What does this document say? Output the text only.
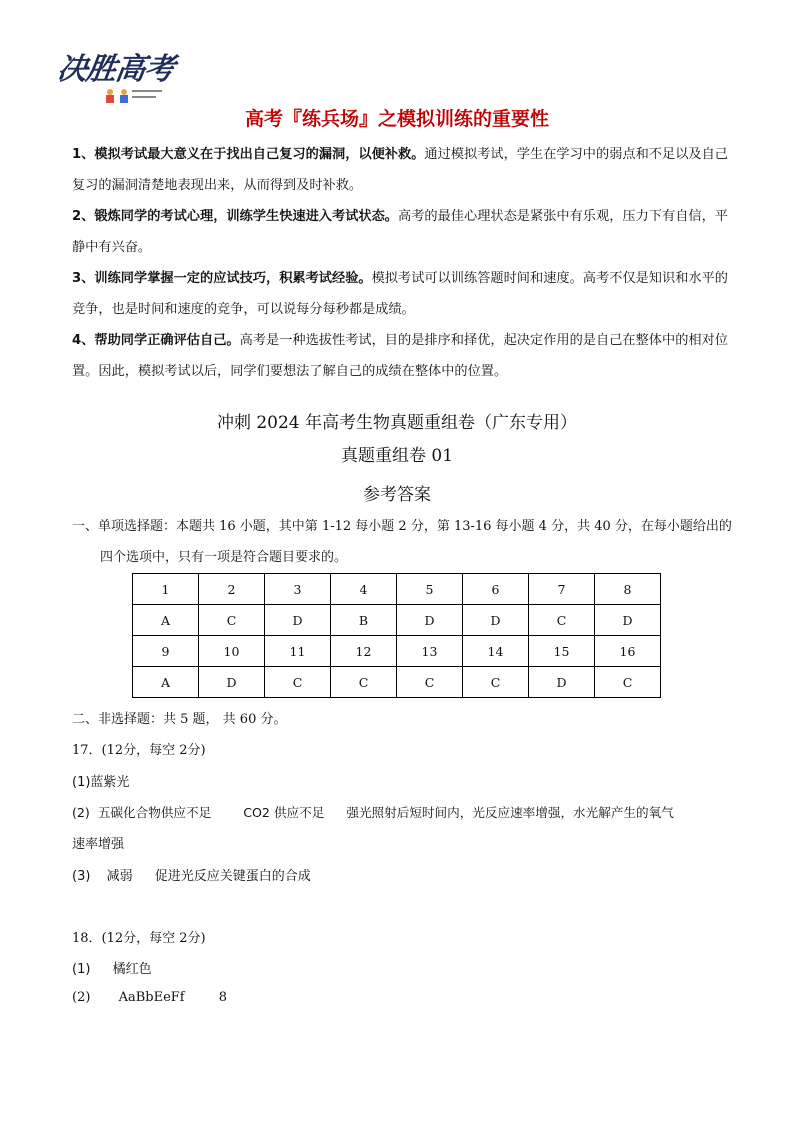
决胜高考
高考『练兵场』之模拟训练的重要性

1、模拟考试最大意义在于找出自己复习的漏洞，以便补救。通过模拟考试，学生在学习中的弱点和不足以及自己复习的漏洞清楚地表现出来，从而得到及时补救。

2、锻炼同学的考试心理，训练学生快速进入考试状态。高考的最佳心理状态是紧张中有乐观，压力下有自信，平静中有兴奋。

3、训练同学掌握一定的应试技巧，积累考试经验。模拟考试可以训练答题时间和速度。高考不仅是知识和水平的竞争，也是时间和速度的竞争，可以说每分每秒都是成绩。

4、帮助同学正确评估自己。高考是一种选拔性考试，目的是排序和择优，起决定作用的是自己在整体中的相对位置。因此，模拟考试以后，同学们要想法了解自己的成绩在整体中的位置。

冲刺 2024 年高考生物真题重组卷（广东专用）
真题重组卷 01
参考答案
一、单项选择题：本题共 16 小题，其中第 1-12 每小题 2 分，第 13-16 每小题 4 分，共 40 分，在每小题给出的四个选项中，只有一项是符合题目要求的。
1	2	3	4	5	6	7	8
A	C	D	B	D	D	C	D
9	10	11	12	13	14	15	16
A	D	C	C	C	C	D	C
二、非选择题：共 5 题， 共 60 分。
17．(12分，每空 2分)
(1)蓝紫光
(2) 五碳化合物供应不足	CO2 供应不足 强光照射后短时间内，光反应速率增强，水光解产生的氧气
速率增强
(3) 减弱 促进光反应关键蛋白的合成
18．(12分，每空 2分)
(1) 橘红色
(2) AaBbEeFf	8
